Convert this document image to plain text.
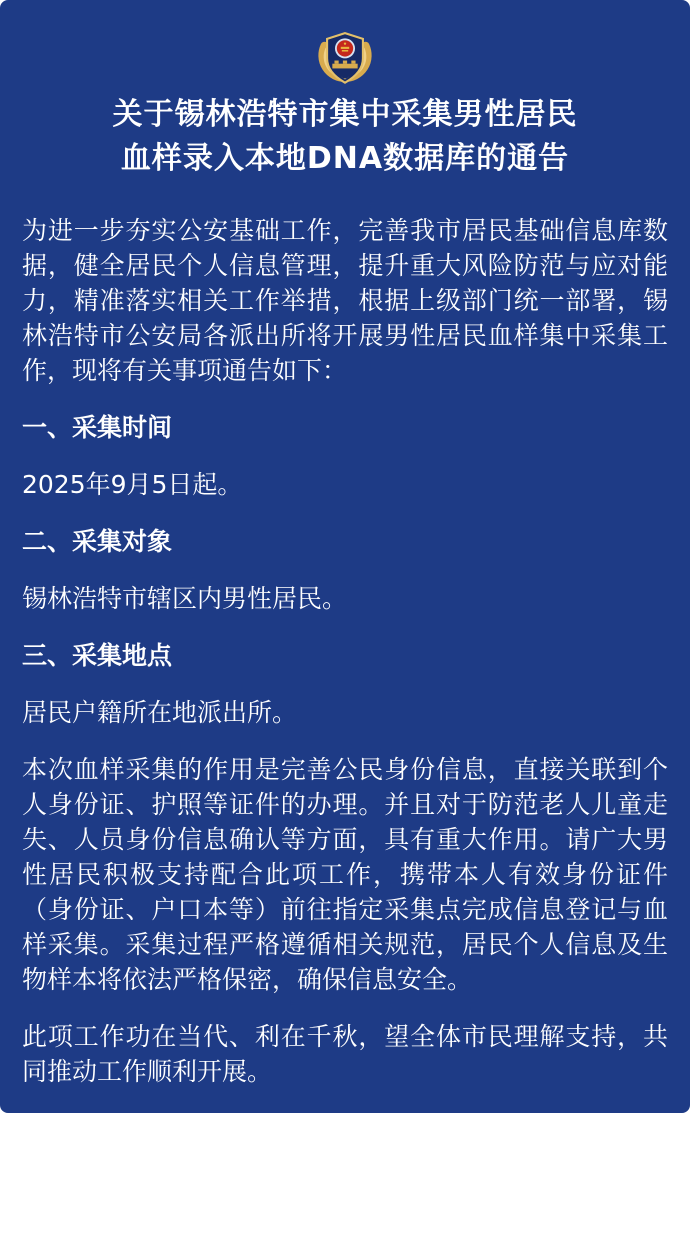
关于锡林浩特市集中采集男性居民
血样录入本地DNA数据库的通告

为进一步夯实公安基础工作，完善我市居民基础信息库数据，健全居民个人信息管理，提升重大风险防范与应对能力，精准落实相关工作举措，根据上级部门统一部署，锡林浩特市公安局各派出所将开展男性居民血样集中采集工作，现将有关事项通告如下：

一、采集时间

2025年9月5日起。

二、采集对象

锡林浩特市辖区内男性居民。

三、采集地点

居民户籍所在地派出所。

本次血样采集的作用是完善公民身份信息，直接关联到个人身份证、护照等证件的办理。并且对于防范老人儿童走失、人员身份信息确认等方面，具有重大作用。请广大男性居民积极支持配合此项工作，携带本人有效身份证件（身份证、户口本等）前往指定采集点完成信息登记与血样采集。采集过程严格遵循相关规范，居民个人信息及生物样本将依法严格保密，确保信息安全。

此项工作功在当代、利在千秋，望全体市民理解支持，共同推动工作顺利开展。

特此通告

锡林浩特市公安局
2025年9月20日
